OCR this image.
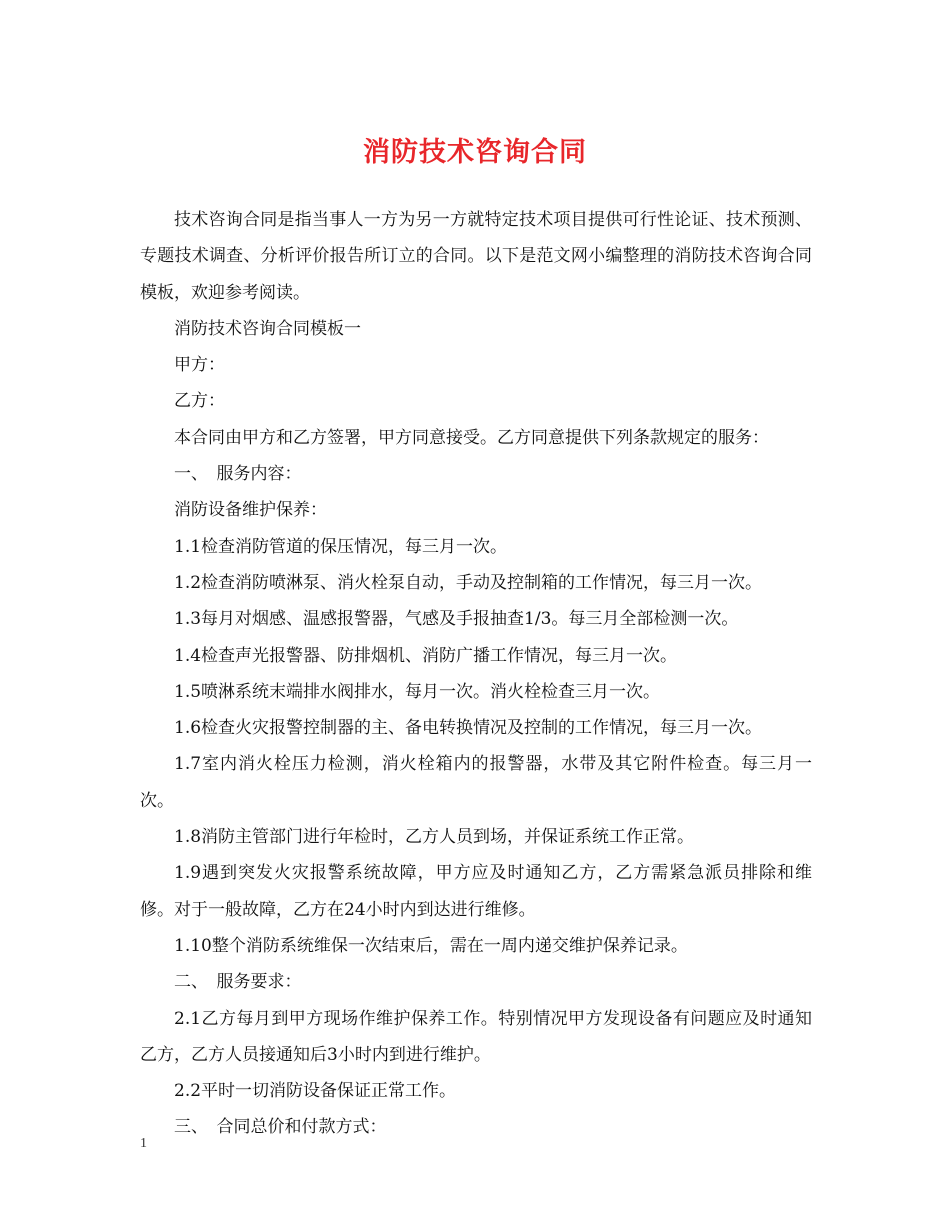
消防技术咨询合同

技术咨询合同是指当事人一方为另一方就特定技术项目提供可行性论证、技术预测、专题技术调查、分析评价报告所订立的合同。以下是范文网小编整理的消防技术咨询合同模板，欢迎参考阅读。

消防技术咨询合同模板一

甲方：

乙方：

本合同由甲方和乙方签署，甲方同意接受。乙方同意提供下列条款规定的服务：

一、　服务内容：

消防设备维护保养：

1.1检查消防管道的保压情况，每三月一次。

1.2检查消防喷淋泵、消火栓泵自动，手动及控制箱的工作情况，每三月一次。

1.3每月对烟感、温感报警器，气感及手报抽查1/3。每三月全部检测一次。

1.4检查声光报警器、防排烟机、消防广播工作情况，每三月一次。

1.5喷淋系统末端排水阀排水，每月一次。消火栓检查三月一次。

1.6检查火灾报警控制器的主、备电转换情况及控制的工作情况，每三月一次。

1.7室内消火栓压力检测，消火栓箱内的报警器，水带及其它附件检查。每三月一次。

1.8消防主管部门进行年检时，乙方人员到场，并保证系统工作正常。

1.9遇到突发火灾报警系统故障，甲方应及时通知乙方，乙方需紧急派员排除和维修。对于一般故障，乙方在24小时内到达进行维修。

1.10整个消防系统维保一次结束后，需在一周内递交维护保养记录。

二、　服务要求：

2.1乙方每月到甲方现场作维护保养工作。特别情况甲方发现设备有问题应及时通知乙方，乙方人员接通知后3小时内到进行维护。

2.2平时一切消防设备保证正常工作。

三、　合同总价和付款方式：

1
